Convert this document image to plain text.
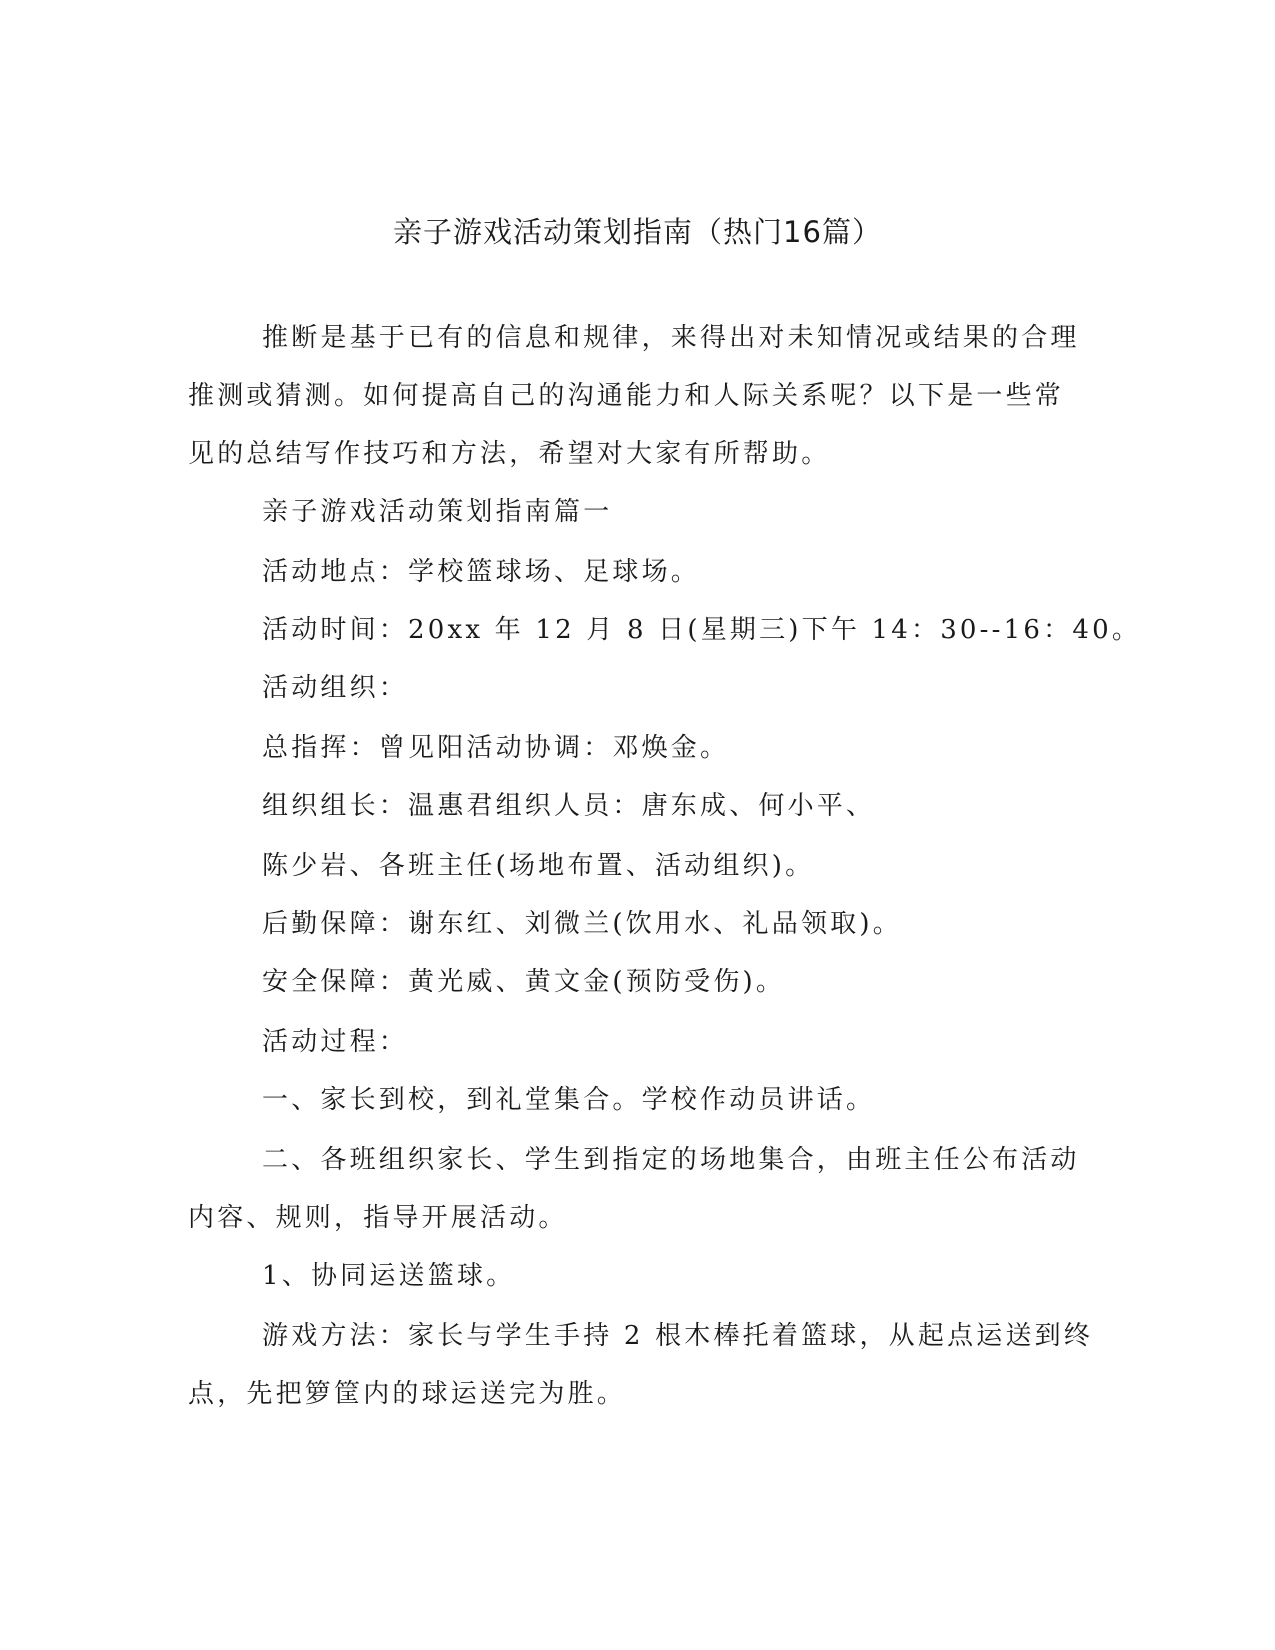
亲子游戏活动策划指南（热门16篇）
推断是基于已有的信息和规律，来得出对未知情况或结果的合理
推测或猜测。如何提高自己的沟通能力和人际关系呢？以下是一些常
见的总结写作技巧和方法，希望对大家有所帮助。
亲子游戏活动策划指南篇一
活动地点：学校篮球场、足球场。
活动时间：20xx 年 12 月 8 日(星期三)下午 14：30--16：40。
活动组织：
总指挥：曾见阳活动协调：邓焕金。
组织组长：温惠君组织人员：唐东成、何小平、
陈少岩、各班主任(场地布置、活动组织)。
后勤保障：谢东红、刘微兰(饮用水、礼品领取)。
安全保障：黄光威、黄文金(预防受伤)。
活动过程：
一、家长到校，到礼堂集合。学校作动员讲话。
二、各班组织家长、学生到指定的场地集合，由班主任公布活动
内容、规则，指导开展活动。
1、协同运送篮球。
游戏方法：家长与学生手持 2 根木棒托着篮球，从起点运送到终
点，先把箩筐内的球运送完为胜。
